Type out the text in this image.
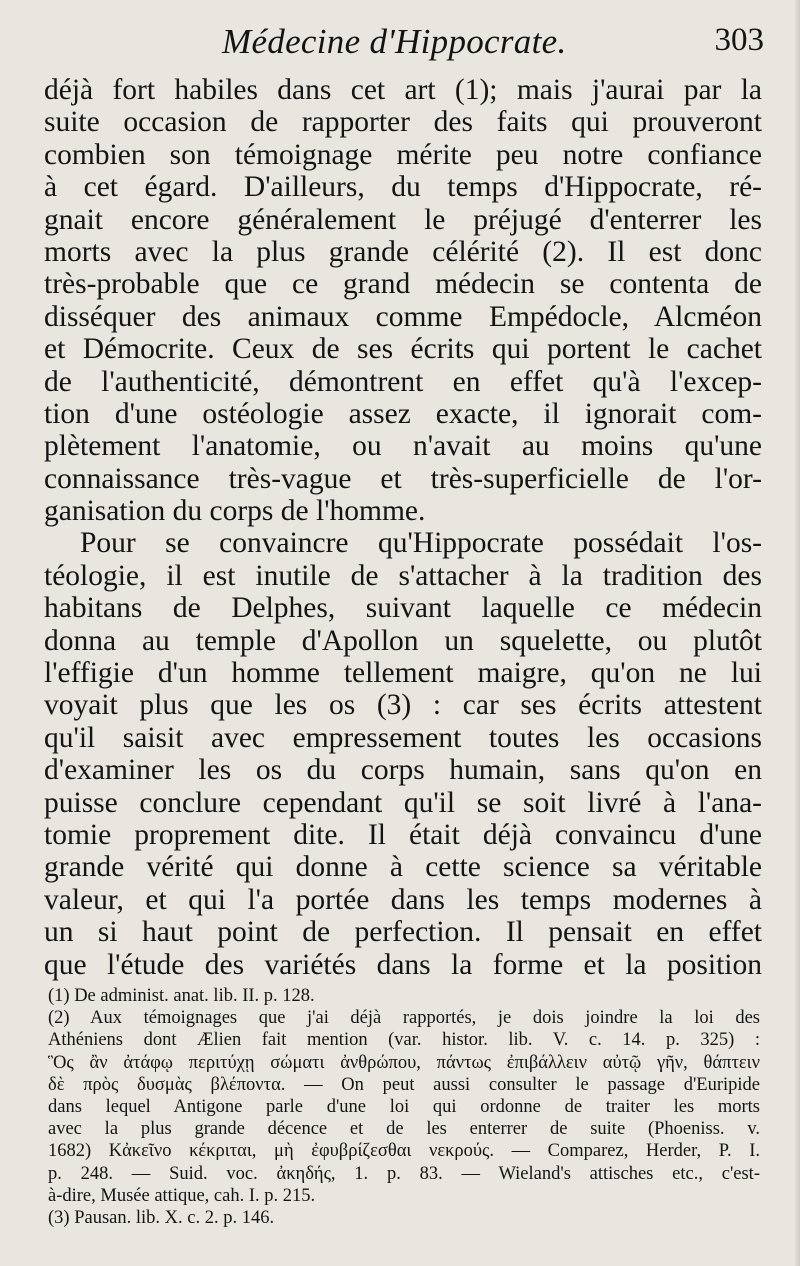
Médecine d'Hippocrate.	303
déjà fort habiles dans cet art (1); mais j'aurai par la
suite occasion de rapporter des faits qui prouveront
combien son témoignage mérite peu notre confiance
à cet égard. D'ailleurs, du temps d'Hippocrate, ré-
gnait encore généralement le préjugé d'enterrer les
morts avec la plus grande célérité (2). Il est donc
très-probable que ce grand médecin se contenta de
disséquer des animaux comme Empédocle, Alcméon
et Démocrite. Ceux de ses écrits qui portent le cachet
de l'authenticité, démontrent en effet qu'à l'excep-
tion d'une ostéologie assez exacte, il ignorait com-
plètement l'anatomie, ou n'avait au moins qu'une
connaissance très-vague et très-superficielle de l'or-
ganisation du corps de l'homme.
Pour se convaincre qu'Hippocrate possédait l'os-
téologie, il est inutile de s'attacher à la tradition des
habitans de Delphes, suivant laquelle ce médecin
donna au temple d'Apollon un squelette, ou plutôt
l'effigie d'un homme tellement maigre, qu'on ne lui
voyait plus que les os (3) : car ses écrits attestent
qu'il saisit avec empressement toutes les occasions
d'examiner les os du corps humain, sans qu'on en
puisse conclure cependant qu'il se soit livré à l'ana-
tomie proprement dite. Il était déjà convaincu d'une
grande vérité qui donne à cette science sa véritable
valeur, et qui l'a portée dans les temps modernes à
un si haut point de perfection. Il pensait en effet
que l'étude des variétés dans la forme et la position
(1) De administ. anat. lib. II. p. 128.
(2) Aux témoignages que j'ai déjà rapportés, je dois joindre la loi des
Athéniens dont Ælien fait mention (var. histor. lib. V. c. 14. p. 325) :
Ὃς ἂν ἀτάφῳ περιτύχῃ σώματι ἀνθρώπου, πάντως ἐπιβάλλειν αὐτῷ γῆν, θάπτειν
δὲ πρὸς δυσμὰς βλέποντα. — On peut aussi consulter le passage d'Euripide
dans lequel Antigone parle d'une loi qui ordonne de traiter les morts
avec la plus grande décence et de les enterrer de suite (Phoeniss. v.
1682) Κἀκεῖνο κέκριται, μὴ ἐφυβρίζεσθαι νεκρούς. — Comparez, Herder, P. I.
p. 248. — Suid. voc. ἀκηδής, 1. p. 83. — Wieland's attisches etc., c'est-
à-dire, Musée attique, cah. I. p. 215.
(3) Pausan. lib. X. c. 2. p. 146.
